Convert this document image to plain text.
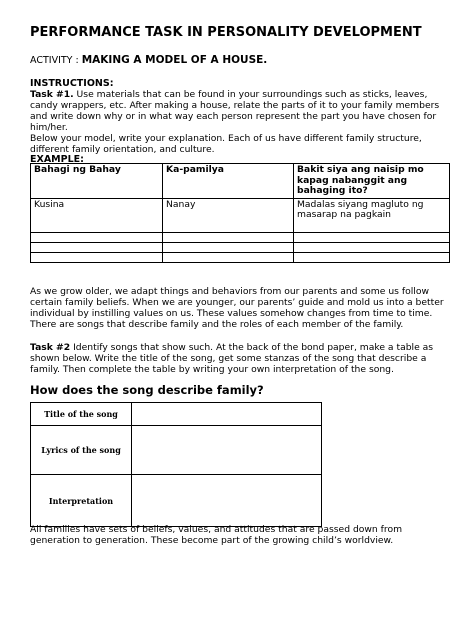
PERFORMANCE TASK IN PERSONALITY DEVELOPMENT
ACTIVITY : MAKING A MODEL OF A HOUSE.
INSTRUCTIONS:
Task #1. Use materials that can be found in your surroundings such as sticks, leaves, candy wrappers, etc. After making a house, relate the parts of it to your family members and write down why or in what way each person represent the part you have chosen for him/her.
Below your model, write your explanation. Each of us have different family structure, different family orientation, and culture.
EXAMPLE:
Bahagi ng Bahay	Ka-pamilya	Bakit siya ang naisip mo kapag nabanggit ang bahaging ito?
Kusina	Nanay	Madalas siyang magluto ng masarap na pagkain

As we grow older, we adapt things and behaviors from our parents and some us follow certain family beliefs. When we are younger, our parents’ guide and mold us into a better individual by instilling values on us. These values somehow changes from time to time. There are songs that describe family and the roles of each member of the family.
Task #2 Identify songs that show such. At the back of the bond paper, make a table as shown below. Write the title of the song, get some stanzas of the song that describe a family. Then complete the table by writing your own interpretation of the song.
How does the song describe family?
Title of the song	
Lyrics of the song	
Interpretation	
All families have sets of beliefs, values, and attitudes that are passed down from generation to generation. These become part of the growing child’s worldview.
